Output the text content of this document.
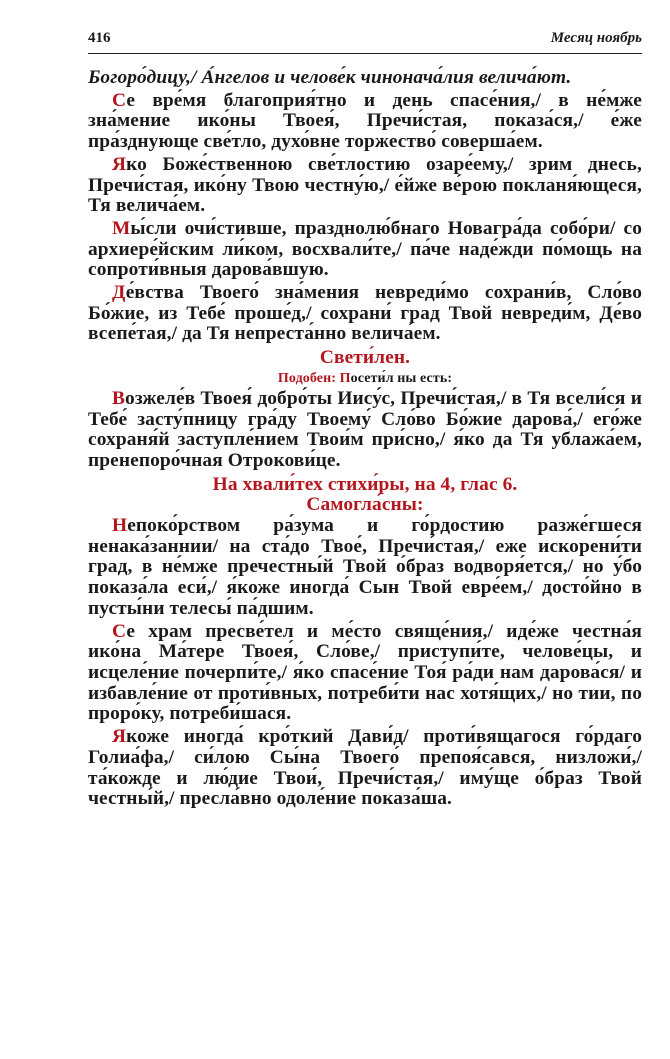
416	Месяц ноябрь

Богоро́дицу,/ А́нгелов и челове́к чинонача́лия велича́ют.

Се вре́мя благоприя́тно и день спасе́ния,/ в не́мже зна́мение ико́ны Твоея́, Пречи́стая, показа́ся,/ е́же пра́зднующе све́тло, духо́вне торжество́ соверша́ем.

Яко Боже́ственною све́тлостию озаре́ему,/ зрим днесь, Пречи́стая, ико́ну Твою честну́ю,/ е́йже ве́рою покланя́ющеся, Тя велича́ем.

Мы́сли очи́стивше, празднолю́бнаго Новагра́да собо́ри/ со архиере́йским ли́ком, восхвали́те,/ па́че наде́жди по́мощь на сопроти́вныя дарова́вшую.

Де́вства Твоего́ зна́мения невреди́мо сохрани́в, Сло́во Бо́жие, из Тебе́ проше́д,/ сохрани́ град Твой невреди́м, Де́во всепе́тая,/ да Тя непреста́нно велича́ем.

Свети́лен.

Подобен: Посети́л ны есть:

Возжеле́в Твоея́ добро́ты Иису́с, Пречи́стая,/ в Тя всели́ся и Тебе́ засту́пницу гра́ду Твоему́ Сло́во Бо́жие дарова́,/ его́же сохраня́й заступле́нием Твои́м при́сно,/ я́ко да Тя ублажа́ем, пренепоро́чная Отрокови́це.

На хвали́тех стихи́ры, на 4, глас 6.

Самогла́сны:

Непоко́рством ра́зума и го́рдостию разже́гшеся ненака́заннии/ на ста́до Твое́, Пречи́стая,/ еже искорени́ти град, в не́мже пречестны́й Твой о́браз водворя́ется,/ но у́бо показа́ла еси́,/ я́коже иногда́ Сын Твой евре́ем,/ досто́йно в пусты́ни телесы́ па́дшим.

Се храм пресве́тел и ме́сто свяще́ния,/ иде́же честна́я ико́на Ма́тере Твоея́, Сло́ве,/ приступи́те, челове́цы, и исцеле́ние почерпи́те,/ я́ко спасе́ние Тоя́ ра́ди нам дарова́ся/ и избавле́ние от проти́вных, потреби́ти нас хотя́щих,/ но тии, по проро́ку, потреби́шася.

Якоже иногда́ кро́ткий Дави́д/ проти́вящагося го́рдаго Голиа́фа,/ си́лою Сы́на Твоего́ препоя́сався, низложи́,/ та́кожде и лю́дие Твои́, Пречи́стая,/ иму́ще о́браз Твой честны́й,/ пресла́вно одоле́ние показа́ша.
